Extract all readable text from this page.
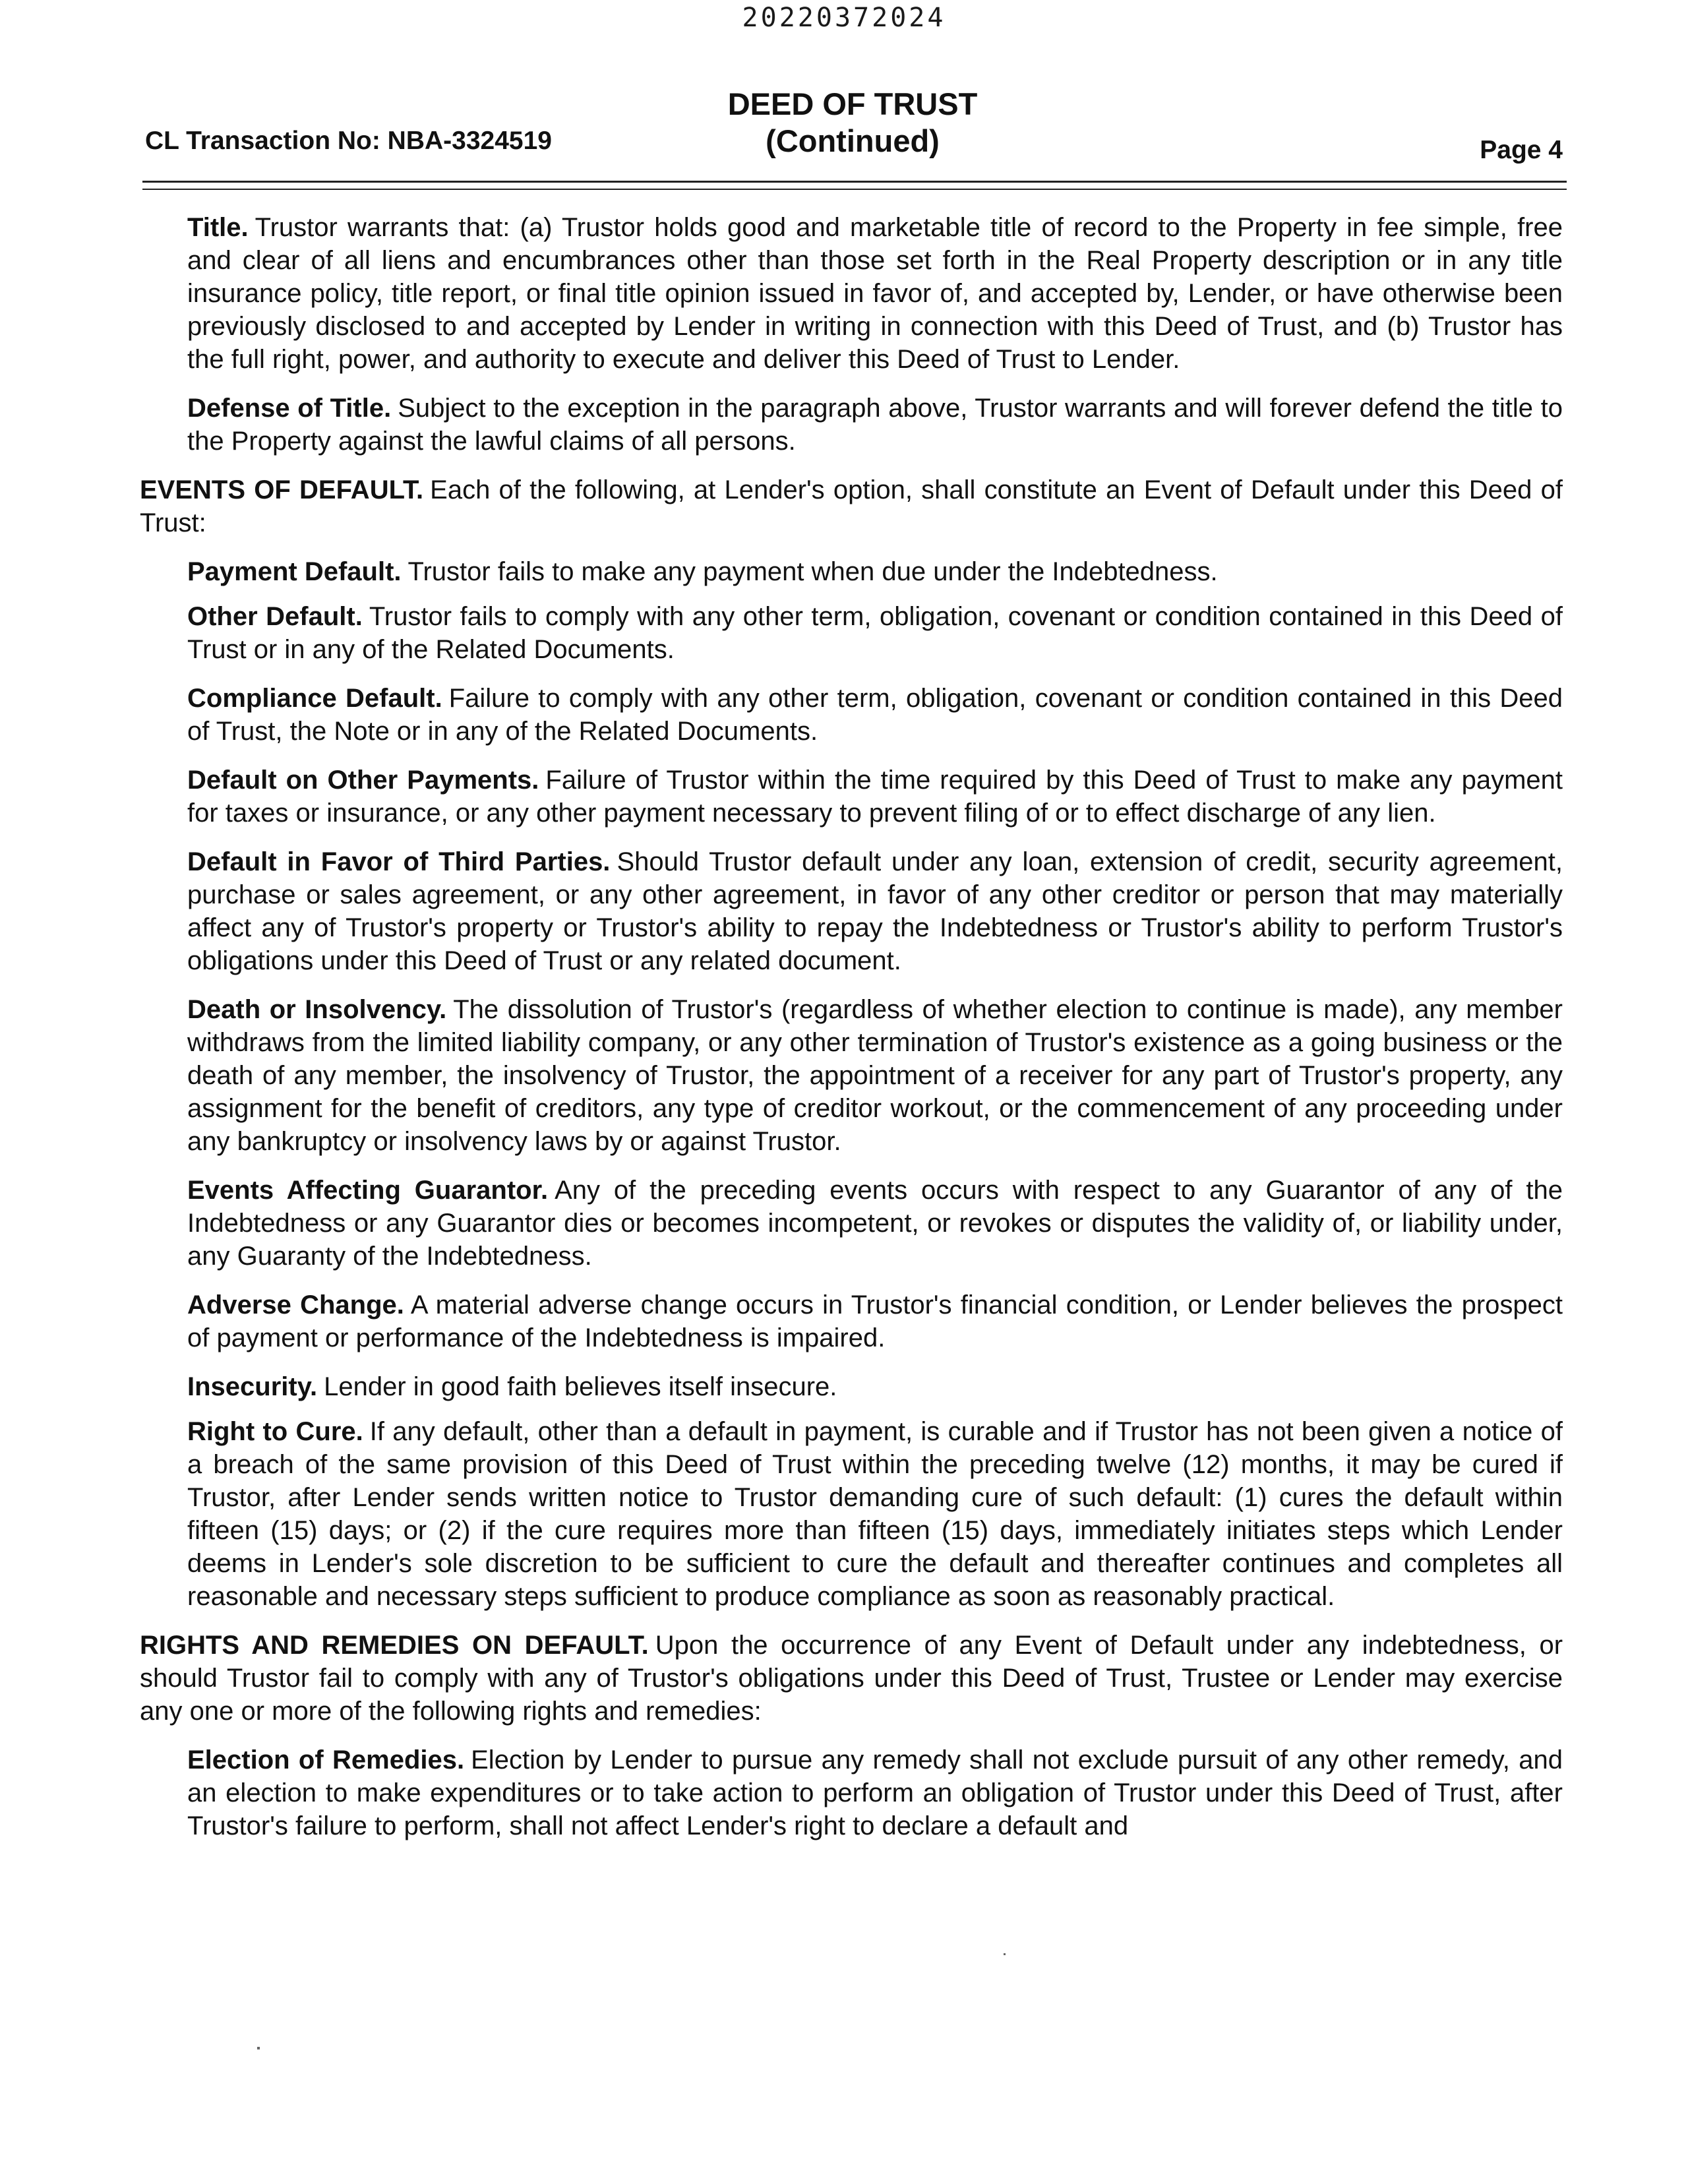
20220372024
CL Transaction No: NBA-3324519
DEED OF TRUST
(Continued)	Page 4

Title. Trustor warrants that: (a) Trustor holds good and marketable title of record to the Property in fee simple, free and clear of all liens and encumbrances other than those set forth in the Real Property description or in any title insurance policy, title report, or final title opinion issued in favor of, and accepted by, Lender, or have otherwise been previously disclosed to and accepted by Lender in writing in connection with this Deed of Trust, and (b) Trustor has the full right, power, and authority to execute and deliver this Deed of Trust to Lender.

Defense of Title. Subject to the exception in the paragraph above, Trustor warrants and will forever defend the title to the Property against the lawful claims of all persons.

EVENTS OF DEFAULT. Each of the following, at Lender's option, shall constitute an Event of Default under this Deed of Trust:

Payment Default. Trustor fails to make any payment when due under the Indebtedness.

Other Default. Trustor fails to comply with any other term, obligation, covenant or condition contained in this Deed of Trust or in any of the Related Documents.

Compliance Default. Failure to comply with any other term, obligation, covenant or condition contained in this Deed of Trust, the Note or in any of the Related Documents.

Default on Other Payments. Failure of Trustor within the time required by this Deed of Trust to make any payment for taxes or insurance, or any other payment necessary to prevent filing of or to effect discharge of any lien.

Default in Favor of Third Parties. Should Trustor default under any loan, extension of credit, security agreement, purchase or sales agreement, or any other agreement, in favor of any other creditor or person that may materially affect any of Trustor's property or Trustor's ability to repay the Indebtedness or Trustor's ability to perform Trustor's obligations under this Deed of Trust or any related document.

Death or Insolvency. The dissolution of Trustor's (regardless of whether election to continue is made), any member withdraws from the limited liability company, or any other termination of Trustor's existence as a going business or the death of any member, the insolvency of Trustor, the appointment of a receiver for any part of Trustor's property, any assignment for the benefit of creditors, any type of creditor workout, or the commencement of any proceeding under any bankruptcy or insolvency laws by or against Trustor.

Events Affecting Guarantor. Any of the preceding events occurs with respect to any Guarantor of any of the Indebtedness or any Guarantor dies or becomes incompetent, or revokes or disputes the validity of, or liability under, any Guaranty of the Indebtedness.

Adverse Change. A material adverse change occurs in Trustor's financial condition, or Lender believes the prospect of payment or performance of the Indebtedness is impaired.

Insecurity. Lender in good faith believes itself insecure.

Right to Cure. If any default, other than a default in payment, is curable and if Trustor has not been given a notice of a breach of the same provision of this Deed of Trust within the preceding twelve (12) months, it may be cured if Trustor, after Lender sends written notice to Trustor demanding cure of such default: (1) cures the default within fifteen (15) days; or (2) if the cure requires more than fifteen (15) days, immediately initiates steps which Lender deems in Lender's sole discretion to be sufficient to cure the default and thereafter continues and completes all reasonable and necessary steps sufficient to produce compliance as soon as reasonably practical.

RIGHTS AND REMEDIES ON DEFAULT. Upon the occurrence of any Event of Default under any indebtedness, or should Trustor fail to comply with any of Trustor's obligations under this Deed of Trust, Trustee or Lender may exercise any one or more of the following rights and remedies:

Election of Remedies. Election by Lender to pursue any remedy shall not exclude pursuit of any other remedy, and an election to make expenditures or to take action to perform an obligation of Trustor under this Deed of Trust, after Trustor's failure to perform, shall not affect Lender's right to declare a default and
